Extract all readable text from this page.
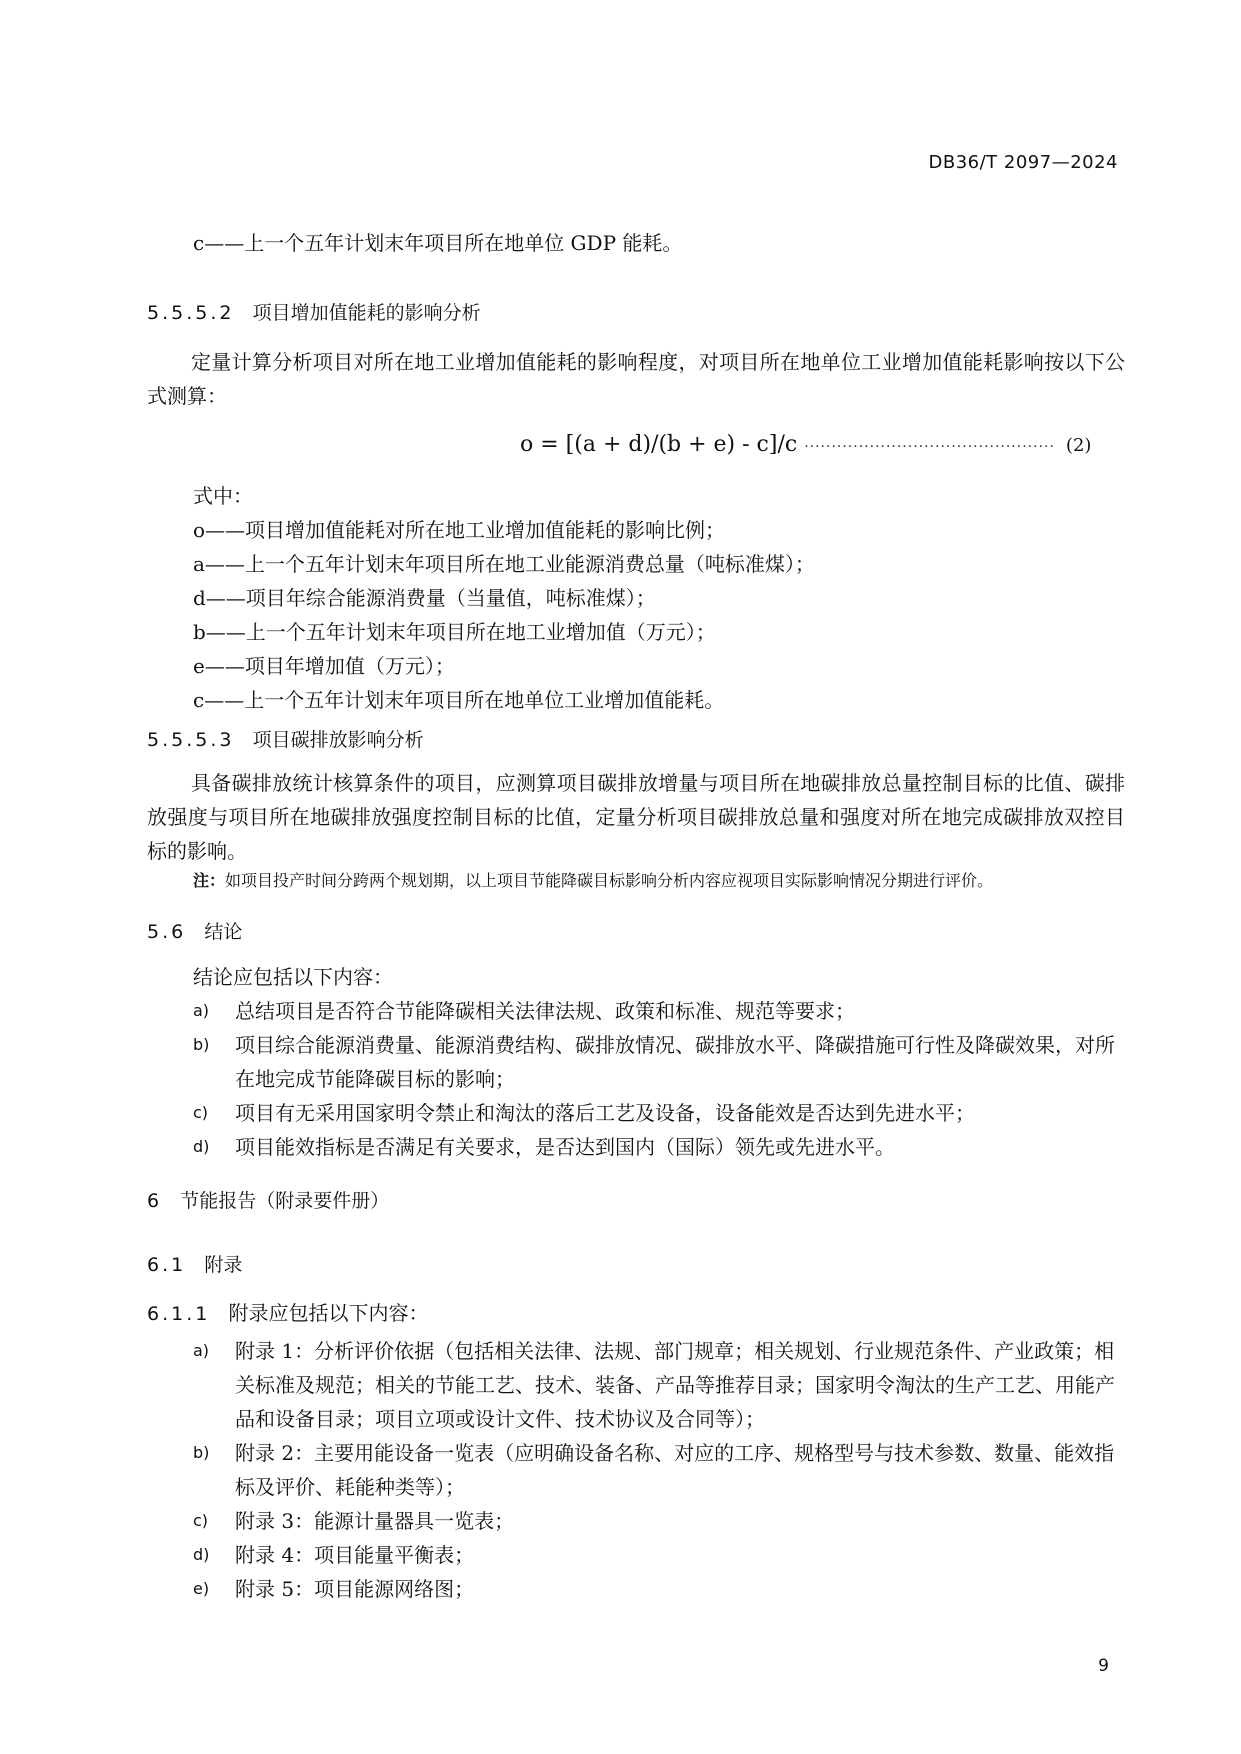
DB36/T 2097—2024
c——上一个五年计划末年项目所在地单位 GDP 能耗。
5.5.5.2 项目增加值能耗的影响分析
定量计算分析项目对所在地工业增加值能耗的影响程度，对项目所在地单位工业增加值能耗影响按以下公式测算：
o = [(a + d)/(b + e) - c]/c ·············································· (2)
式中：
o——项目增加值能耗对所在地工业增加值能耗的影响比例；
a——上一个五年计划末年项目所在地工业能源消费总量（吨标准煤）；
d——项目年综合能源消费量（当量值，吨标准煤）；
b——上一个五年计划末年项目所在地工业增加值（万元）；
e——项目年增加值（万元）；
c——上一个五年计划末年项目所在地单位工业增加值能耗。
5.5.5.3 项目碳排放影响分析
具备碳排放统计核算条件的项目，应测算项目碳排放增量与项目所在地碳排放总量控制目标的比值、碳排放强度与项目所在地碳排放强度控制目标的比值，定量分析项目碳排放总量和强度对所在地完成碳排放双控目标的影响。
注：如项目投产时间分跨两个规划期，以上项目节能降碳目标影响分析内容应视项目实际影响情况分期进行评价。
5.6 结论
结论应包括以下内容：
a)	总结项目是否符合节能降碳相关法律法规、政策和标准、规范等要求；
b)	项目综合能源消费量、能源消费结构、碳排放情况、碳排放水平、降碳措施可行性及降碳效果，对所在地完成节能降碳目标的影响；
c)	项目有无采用国家明令禁止和淘汰的落后工艺及设备，设备能效是否达到先进水平；
d)	项目能效指标是否满足有关要求，是否达到国内（国际）领先或先进水平。
6 节能报告（附录要件册）
6.1 附录
6.1.1 附录应包括以下内容：
a)	附录 1：分析评价依据（包括相关法律、法规、部门规章；相关规划、行业规范条件、产业政策；相关标准及规范；相关的节能工艺、技术、装备、产品等推荐目录；国家明令淘汰的生产工艺、用能产品和设备目录；项目立项或设计文件、技术协议及合同等）；
b)	附录 2：主要用能设备一览表（应明确设备名称、对应的工序、规格型号与技术参数、数量、能效指标及评价、耗能种类等）；
c)	附录 3：能源计量器具一览表；
d)	附录 4：项目能量平衡表；
e)	附录 5：项目能源网络图；
9
